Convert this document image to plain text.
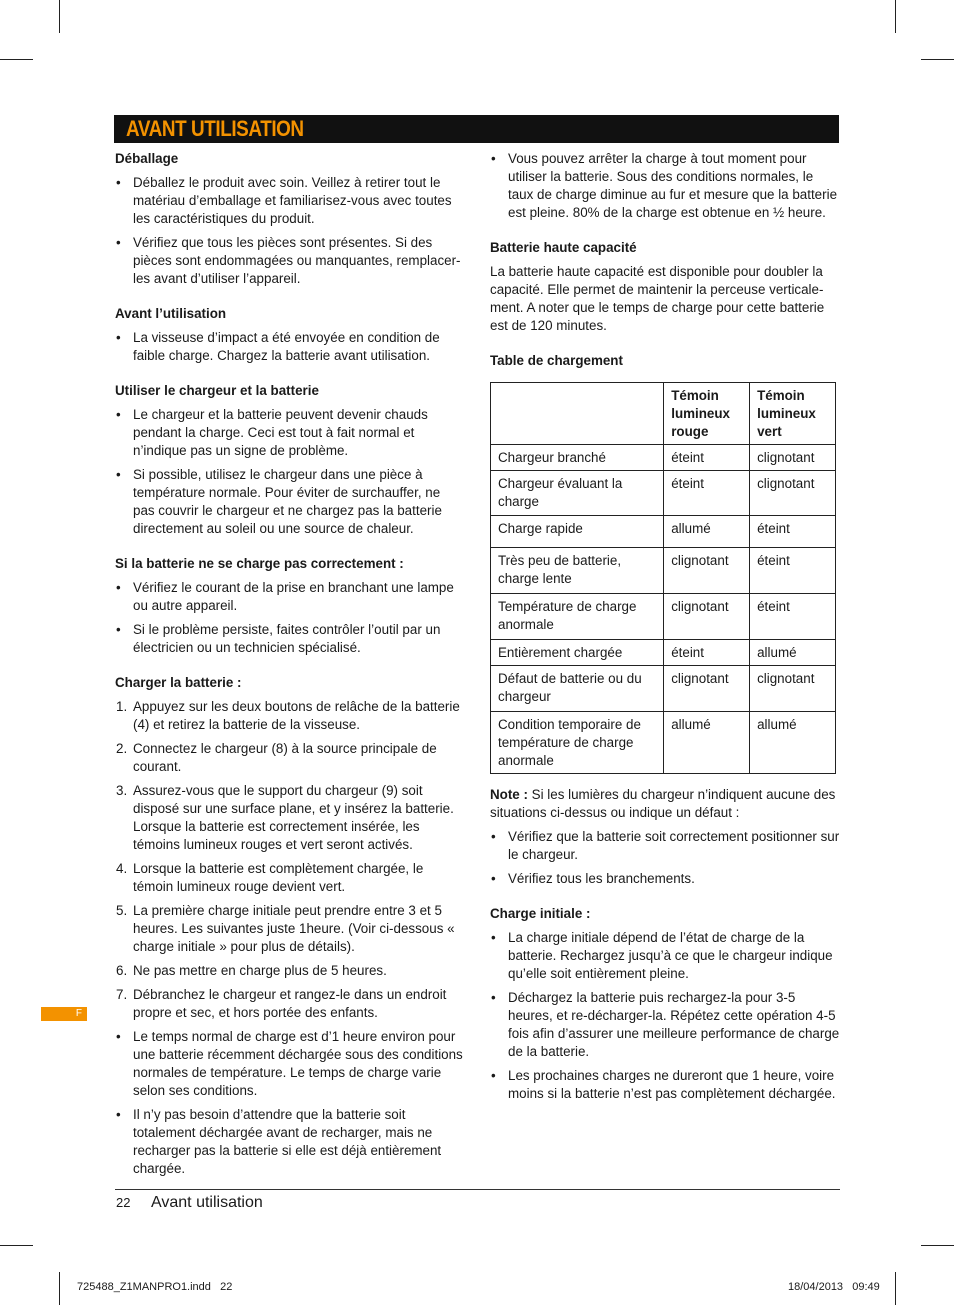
AVANT UTILISATION
Déballage
• Déballez le produit avec soin. Veillez à retirer tout le matériau d’emballage et familiarisez-vous avec toutes les caractéristiques du produit.
• Vérifiez que tous les pièces sont présentes. Si des pièces sont endommagées ou manquantes, remplacer-les avant d’utiliser l’appareil.
Avant l’utilisation
• La visseuse d’impact a été envoyée en condition de faible charge. Chargez la batterie avant utilisation.
Utiliser le chargeur et la batterie
• Le chargeur et la batterie peuvent devenir chauds pendant la charge. Ceci est tout à fait normal et n’indique pas un signe de problème.
• Si possible, utilisez le chargeur dans une pièce à température normale. Pour éviter de surchauffer, ne pas couvrir le chargeur et ne chargez pas la batterie directement au soleil ou une source de chaleur.
Si la batterie ne se charge pas correctement :
• Vérifiez le courant de la prise en branchant une lampe ou autre appareil.
• Si le problème persiste, faites contrôler l’outil par un électricien ou un technicien spécialisé.
Charger la batterie :
1. Appuyez sur les deux boutons de relâche de la batterie (4) et retirez la batterie de la visseuse.
2. Connectez le chargeur (8) à la source principale de courant.
3. Assurez-vous que le support du chargeur (9) soit disposé sur une surface plane, et y insérez la batterie. Lorsque la batterie est correctement insérée, les témoins lumineux rouges et vert seront activés.
4. Lorsque la batterie est complètement chargée, le témoin lumineux rouge devient vert.
5. La première charge initiale peut prendre entre 3 et 5 heures. Les suivantes juste 1heure. (Voir ci-dessous « charge initiale » pour plus de détails).
6. Ne pas mettre en charge plus de 5 heures.
7. Débranchez le chargeur et rangez-le dans un endroit propre et sec, et hors portée des enfants.
• Le temps normal de charge est d’1 heure environ pour une batterie récemment déchargée sous des conditions normales de température. Le temps de charge varie selon ses conditions.
• Il n’y pas besoin d’attendre que la batterie soit totalement déchargée avant de recharger, mais ne recharger pas la batterie si elle est déjà entièrement chargée.
• Vous pouvez arrêter la charge à tout moment pour utiliser la batterie. Sous des conditions normales, le taux de charge diminue au fur et mesure que la batterie est pleine. 80% de la charge est obtenue en ½ heure.
Batterie haute capacité

La batterie haute capacité est disponible pour doubler la capacité. Elle permet de maintenir la perceuse verticale-ment. A noter que le temps de charge pour cette batterie est de 120 minutes.

Table de chargement
	Témoin lumineux rouge	Témoin lumineux vert
Chargeur branché	éteint	clignotant
Chargeur évaluant la charge	éteint	clignotant
Charge rapide	allumé	éteint
Très peu de batterie, charge lente	clignotant	éteint
Température de charge anormale	clignotant	éteint
Entièrement chargée	éteint	allumé
Défaut de batterie ou du chargeur	clignotant	clignotant
Condition temporaire de température de charge anormale	allumé	allumé

Note : Si les lumières du chargeur n’indiquent aucune des situations ci-dessus ou indique un défaut :

• Vérifiez que la batterie soit correctement positionner sur le chargeur.
• Vérifiez tous les branchements.
Charge initiale :
• La charge initiale dépend de l’état de charge de la batterie. Rechargez jusqu’à ce que le chargeur indique qu’elle soit entièrement pleine.
• Déchargez la batterie puis rechargez-la pour 3-5 heures, et re-décharger-la. Répétez cette opération 4-5 fois afin d’assurer une meilleure performance de charge de la batterie.
• Les prochaines charges ne dureront que 1 heure, voire moins si la batterie n’est pas complètement déchargée.
F
22 Avant utilisation
725488_Z1MANPRO1.indd   22	18/04/2013   09:49
